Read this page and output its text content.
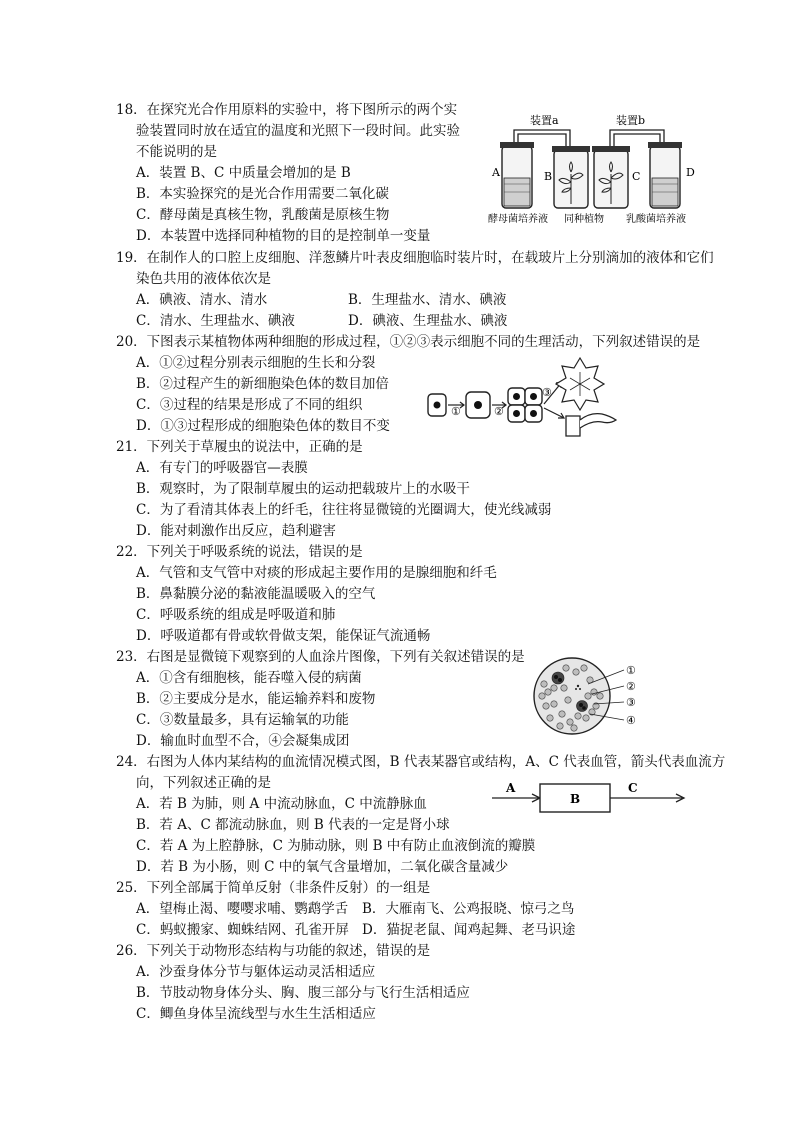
18．在探究光合作用原料的实验中，将下图所示的两个实
验装置同时放在适宜的温度和光照下一段时间。此实验
不能说明的是
A．装置 B、C 中质量会增加的是 B
B．本实验探究的是光合作用需要二氧化碳
C．酵母菌是真核生物，乳酸菌是原核生物
D．本装置中选择同种植物的目的是控制单一变量
装置a	装置b
A	B	C	D
酵母菌培养液 同种植物 乳酸菌培养液
19．在制作人的口腔上皮细胞、洋葱鳞片叶表皮细胞临时装片时，在载玻片上分别滴加的液体和它们
染色共用的液体依次是
A．碘液、清水、清水	B．生理盐水、清水、碘液
C．清水、生理盐水、碘液	D．碘液、生理盐水、碘液
20．下图表示某植物体两种细胞的形成过程，①②③表示细胞不同的生理活动，下列叙述错误的是
A．①②过程分别表示细胞的生长和分裂
B．②过程产生的新细胞染色体的数目加倍
C．③过程的结果是形成了不同的组织
D．①③过程形成的细胞染色体的数目不变
①	②
③
21．下列关于草履虫的说法中，正确的是
A．有专门的呼吸器官—表膜
B．观察时，为了限制草履虫的运动把载玻片上的水吸干
C．为了看清其体表上的纤毛，往往将显微镜的光圈调大，使光线减弱
D．能对刺激作出反应，趋利避害
22．下列关于呼吸系统的说法，错误的是
A．气管和支气管中对痰的形成起主要作用的是腺细胞和纤毛
B．鼻黏膜分泌的黏液能温暖吸入的空气
C．呼吸系统的组成是呼吸道和肺
D．呼吸道都有骨或软骨做支架，能保证气流通畅
23．右图是显微镜下观察到的人血涂片图像，下列有关叙述错误的是
A．①含有细胞核，能吞噬入侵的病菌
B．②主要成分是水，能运输养料和废物
C．③数量最多，具有运输氧的功能
D．输血时血型不合，④会凝集成团
①
②
③
④
24．右图为人体内某结构的血流情况模式图，B 代表某器官或结构，A、C 代表血管，箭头代表血流方
向，下列叙述正确的是
A．若 B 为肺，则 A 中流动脉血，C 中流静脉血
B．若 A、C 都流动脉血，则 B 代表的一定是肾小球
C．若 A 为上腔静脉，C 为肺动脉，则 B 中有防止血液倒流的瓣膜
D．若 B 为小肠，则 C 中的氧气含量增加，二氧化碳含量减少
A
B
C
25．下列全部属于简单反射（非条件反射）的一组是
A．望梅止渴、嘤嘤求哺、鹦鹉学舌 B．大雁南飞、公鸡报晓、惊弓之鸟
C．蚂蚁搬家、蜘蛛结网、孔雀开屏 D．猫捉老鼠、闻鸡起舞、老马识途
26．下列关于动物形态结构与功能的叙述，错误的是
A．沙蚕身体分节与躯体运动灵活相适应
B．节肢动物身体分头、胸、腹三部分与飞行生活相适应
C．鲫鱼身体呈流线型与水生生活相适应
